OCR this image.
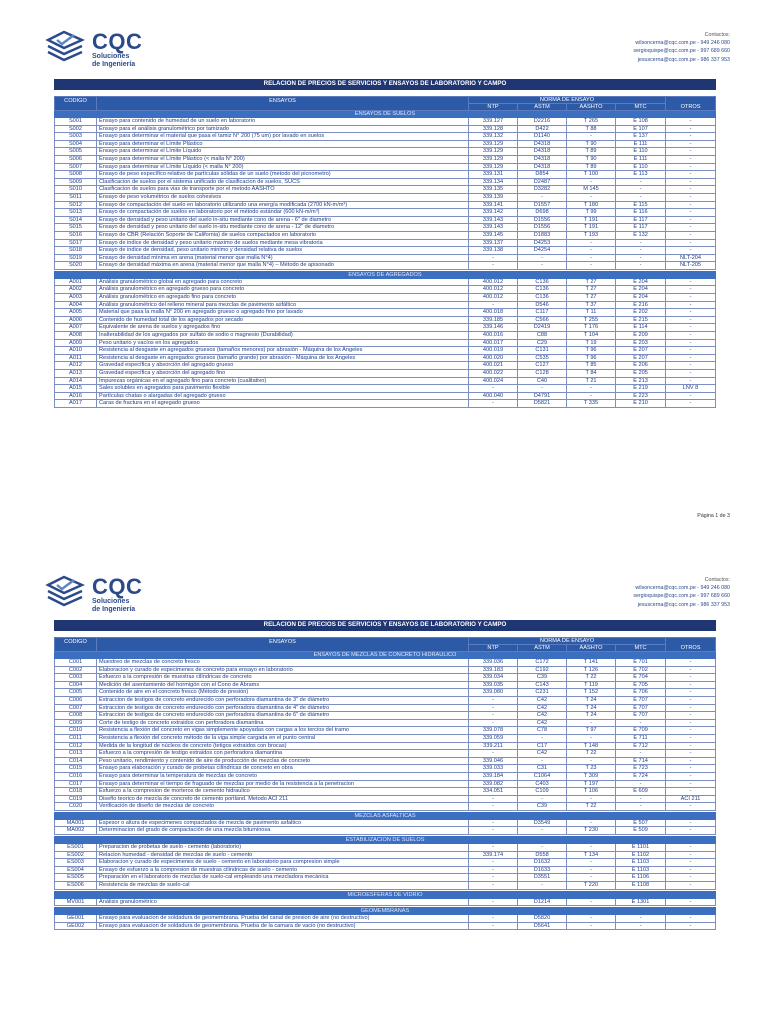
CQC
Soluciones
de Ingeniería
Contactos:
wilsoncerna@cqc.com.pe - 949 246 080
sergioquispe@cqc.com.pe - 997 689 660
jesuscerna@cqc.com.pe - 986 337 953
RELACION DE PRECIOS DE SERVICIOS Y ENSAYOS DE LABORATORIO Y CAMPO						

CODIGO	ENSAYOS	NORMA DE ENSAYO				OTROS
		NTP	ASTM	AASHTO	MTC	
ENSAYOS DE SUELOS						
S001	Ensayo para contenido de humedad de un suelo en laboratorio	339.127	D2216	T 265	E 108	-
S002	Ensayo para el análisis granulométrico por tamizado	339.128	D422	T 88	E 107	-
S003	Ensayo para determinar el material que pasa el tamiz N° 200 (75 um) por lavado en suelos	339.132	D1140	-	E 137	-
S004	Ensayo para determinar el Límite Plástico	339.129	D4318	T 90	E 111	-
S005	Ensayo para determinar el Límite Líquido	339.129	D4318	T 89	E 110	-
S006	Ensayo para determinar el Límite Plástico (< malla N° 200)	339.129	D4318	T 90	E 111	-
S007	Ensayo para determinar el Límite Líquido (< malla N° 200)	339.129	D4318	T 89	E 110	-
S008	Ensayo de peso específico relativo de partículas sólidas de un suelo (metodo del picnometro)	339.131	D854	T 100	E 113	-
S009	Clasificacion de suelos por el sistema unificado de clasificacion de suelos, SUCS	339.134	D2487	-	-	-
S010	Clasificacion de suelos para vias de transporte por el metodo AASHTO	339.135	D3282	M 145	-	-
S011	Ensayo de peso volumétrico de suelos cohesivos	339.139	-	-	-	-
S012	Ensayo de compactación del suelo en laboratorio utilizando una energía modificada (2700 kN-m/m³)	339.141	D1557	T 180	E 115	-
S013	Ensayo de compactación de suelos en laboratorio por el método estándar (600 kN-m/m³)	339.142	D698	T 99	E 116	-
S014	Ensayo de densidad y peso unitario del suelo in-situ mediante cono de arena - 6" de diametro	339.143	D1556	T 191	E 117	-
S015	Ensayo de densidad y peso unitario del suelo in-situ mediante cono de arena - 12" de diametro	339.143	D1556	T 191	E 117	-
S016	Ensayo de CBR (Relación Soporte de California) de suelos compactados en laboratorio	339.145	D1883	T 193	E 132	-
S017	Ensayo de indice de densidad y peso unitario maximo de suelos mediante mesa vibratoria	339.137	D4253	-	-	-
S018	Ensayo de indice de densidad, peso unitario minimo y densidad relativa de suelos	339.138	D4254	-	-	-
S019	Ensayo de densidad mínima en arena (material menor que malla N°4)	-	-	-	-	NLT-204
S020	Ensayo de densidad máxima en arena (material menor que malla N°4) – Método de apisonado	-	-	-	-	NLT-205

ENSAYOS DE AGREGADOS						
A001	Análisis granulométrico global en agregado para concreto	400.012	C136	T 27	E 204	-
A002	Análisis granulométrico en agregado grueso para concreto	400.012	C136	T 27	E 204	-
A003	Análisis granulométrico en agregado fino para concreto	400.012	C136	T 27	E 204	-
A004	Análisis granulométrico del relleno mineral para mezclas de pavimento asfáltico	-	D546	T 37	E 216	-
A005	Material que pasa la malla N° 200 en agregado grueso o agregado fino por lavado	400.018	C117	T 11	E 202	-
A006	Contenido de humedad total de los agregados por secado	339.185	C566	T 255	E 215	-
A007	Equivalente de arena de suelos y agregados fino	339.146	D2419	T 176	E 114	-
A008	Inalterabilidad de los agregados por sulfato de sodio o magnesio (Durabilidad)	400.016	C88	T 104	E 209	-
A009	Peso unitario y vacíos en los agregados	400.017	C29	T 19	E 203	-
A010	Resistencia al desgaste en agregados gruesos (tamaños menores) por abrasión - Máquina de los Angeles	400.019	C131	T 96	E 207	-
A011	Resistencia al desgaste en agregados gruesos (tamaño grande) por abrasión - Máquina de los Angeles	400.020	C535	T 96	E 207	-
A012	Gravedad específica y absorción del agregado grueso	400.021	C127	T 85	E 206	-
A013	Gravedad específica y absorción del agregado fino	400.022	C128	T 84	E 205	-
A014	Impurezas orgánicas en el agregado fino para concreto (cualitativo)	400.024	C40	T 21	E 213	-
A015	Sales solubles en agregados para pavimento flexible	-	-	-	E 219	LNV 8
A016	Partículas chatas o alargadas del agregado grueso	400.040	D4791	-	E 223	-
A017	Caras de fractura en el agregado grueso	-	D5821	T 335	E 210	-
Página 1 de 3
CQC
Soluciones
de Ingeniería
Contactos:
wilsoncerna@cqc.com.pe - 949 246 080
sergioquispe@cqc.com.pe - 997 689 660
jesuscerna@cqc.com.pe - 986 337 953
RELACION DE PRECIOS DE SERVICIOS Y ENSAYOS DE LABORATORIO Y CAMPO						

CODIGO	ENSAYOS	NORMA DE ENSAYO				OTROS
		NTP	ASTM	AASHTO	MTC	
ENSAYOS DE MEZCLAS DE CONCRETO HIDRÁULICO						
C001	Muestreo de mezclas de concreto fresco	339.036	C172	T 141	E 701	-
C002	Elaboracion y curado de especimenes de concreto para ensayo en laboratorio	339.183	C192	T 126	E 702	-
C003	Esfuerzo a la compresión de muestras cilíndricas de concreto	339.034	C39	T 22	E 704	-
C004	Medición del asentamiento del hormigón con el Cono de Abrams	339.035	C143	T 119	E 705	-
C005	Contenido de aire en el concreto fresco (Método de presión)	339.080	C231	T 152	E 706	-
C006	Extraccion de testigos de concreto endurecido con perforadora diamantina de 3" de diámetro	-	C42	T 24	E 707	-
C007	Extraccion de testigos de concreto endurecido con perforadora diamantina de 4" de diámetro	-	C42	T 24	E 707	-
C008	Extraccion de testigos de concreto endurecido con perforadora diamantina de 6" de diámetro	-	C42	T 24	E 707	-
C009	Corte de testigo de concreto extraidos con perforadora diamantina	-	C42	-	-	-
C010	Resistencia a flexión del concreto en vigas simplemente apoyadas con cargas a los tercios del tramo	339.078	C78	T 97	E 709	-
C011	Resistencia a flexión del concreto método de la viga simple cargada en el punto central	339.059	-	-	E 711	-
C012	Medida de la longitud de núcleos de concreto (tetigos extraidos con brocas)	339.211	C17	T 148	E 712	-
C013	Esfuerzo a la compresión de testigo extraidos con perforadora diamantina	-	C42	T 22	-	-
C014	Peso unitario, rendimiento y contenido de aire de producción de mezclas de concreto	339.046	-	-	E 714	-
C015	Ensayo para elaboración y curado de probetas cilíndricas de concreto en obra	339.033	C31	T 23	E 723	-
C016	Ensayo para determinar la temperatura de mezclas de concreto	339.184	C1064	T 309	E 724	-
C017	Ensayo para determinar el tiempo de fraguado de mezclas por medio de la resistencia a la penetracion	339.082	C403	T 197	-	-
C018	Esfuerzo a la compresion de morteros de cemento hidraulico	334.051	C109	T 106	E 609	-
C019	Diseño teorico de mezcla de concreto de cemento portland. Metodo ACI 211	-	-	-	-	ACI 211
C020	Verificación de diseño de mezclas de concreto	-	C39	T 22	-	-

MEZCLAS ASFALTICAS						
MA001	Espesor o altura de especimenes compactados de mezcla de pavimento asfaltico	-	D3549	-	E 507	-
MA002	Determinacion del grado de compactación de una mezcla bituminosa	-	-	T 230	E 509	-

ESTABILIZACION DE SUELOS						
ES001	Preparacion de probetas de suelo - cemento (laboratorio)	-	-	-	E 1101	-
ES002	Relacion humedad - densidad de mezclas de suelo - cemento	339.174	D558	T 134	E 1102	-
ES003	Elaboracion y curado de especimenes de suelo - cemento en laboratorio para compresion simple	-	D1632	-	E 1103	-
ES004	Ensayo de esfuerzo a la compresion de muestras cilindricas de suelo - cemento	-	D1633	-	E 1103	-
ES005	Preparación en el laboratorio de mezclas de suelo-cal empleando una mezcladora mecánica	-	D3551	-	E 1106	-
ES006	Resistencia de mezclas de suelo-cal	-	-	T 220	E 1108	-

MICROESFERAS DE VIDRIO						
MV001	Análisis granulométrico	-	D1214	-	E 1301	-

GEOMEMBRANAS						
GE001	Ensayo para evaluacion de soldadura de geomembrana. Prueba del canal de presion de aire (no destructivo)	-	D5820	-	-	-
GE002	Ensayo para evaluacion de soldadura de geomembrana. Prueba de la camara de vacio (no destructivo)	-	D5641	-	-	-
